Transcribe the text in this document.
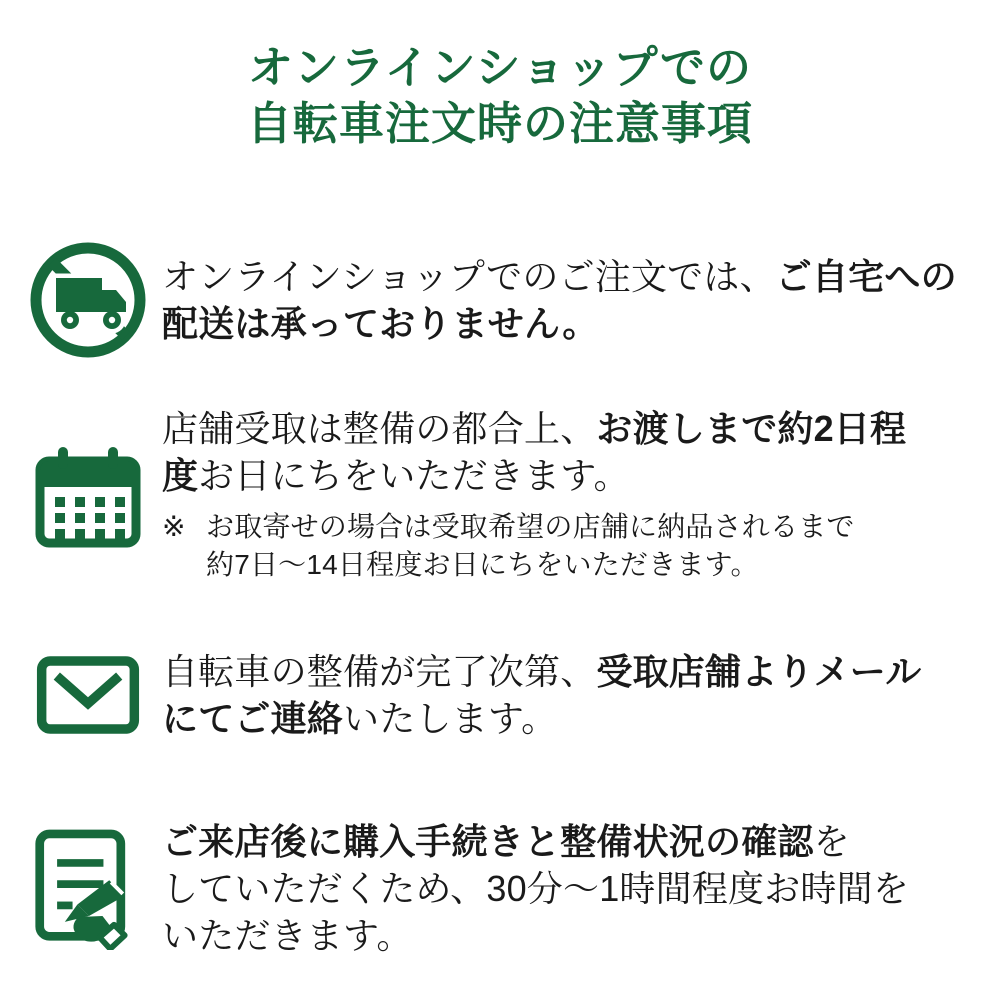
オンラインショップでの
自転車注文時の注意事項
オンラインショップでのご注文では、ご自宅への
配送は承っておりません。
店舗受取は整備の都合上、お渡しまで約2日程
度お日にちをいただきます。
※ お取寄せの場合は受取希望の店舗に納品されるまで
約7日〜14日程度お日にちをいただきます。
自転車の整備が完了次第、受取店舗よりメール
にてご連絡いたします。
ご来店後に購入手続きと整備状況の確認を
していただくため、30分〜1時間程度お時間を
いただきます。
